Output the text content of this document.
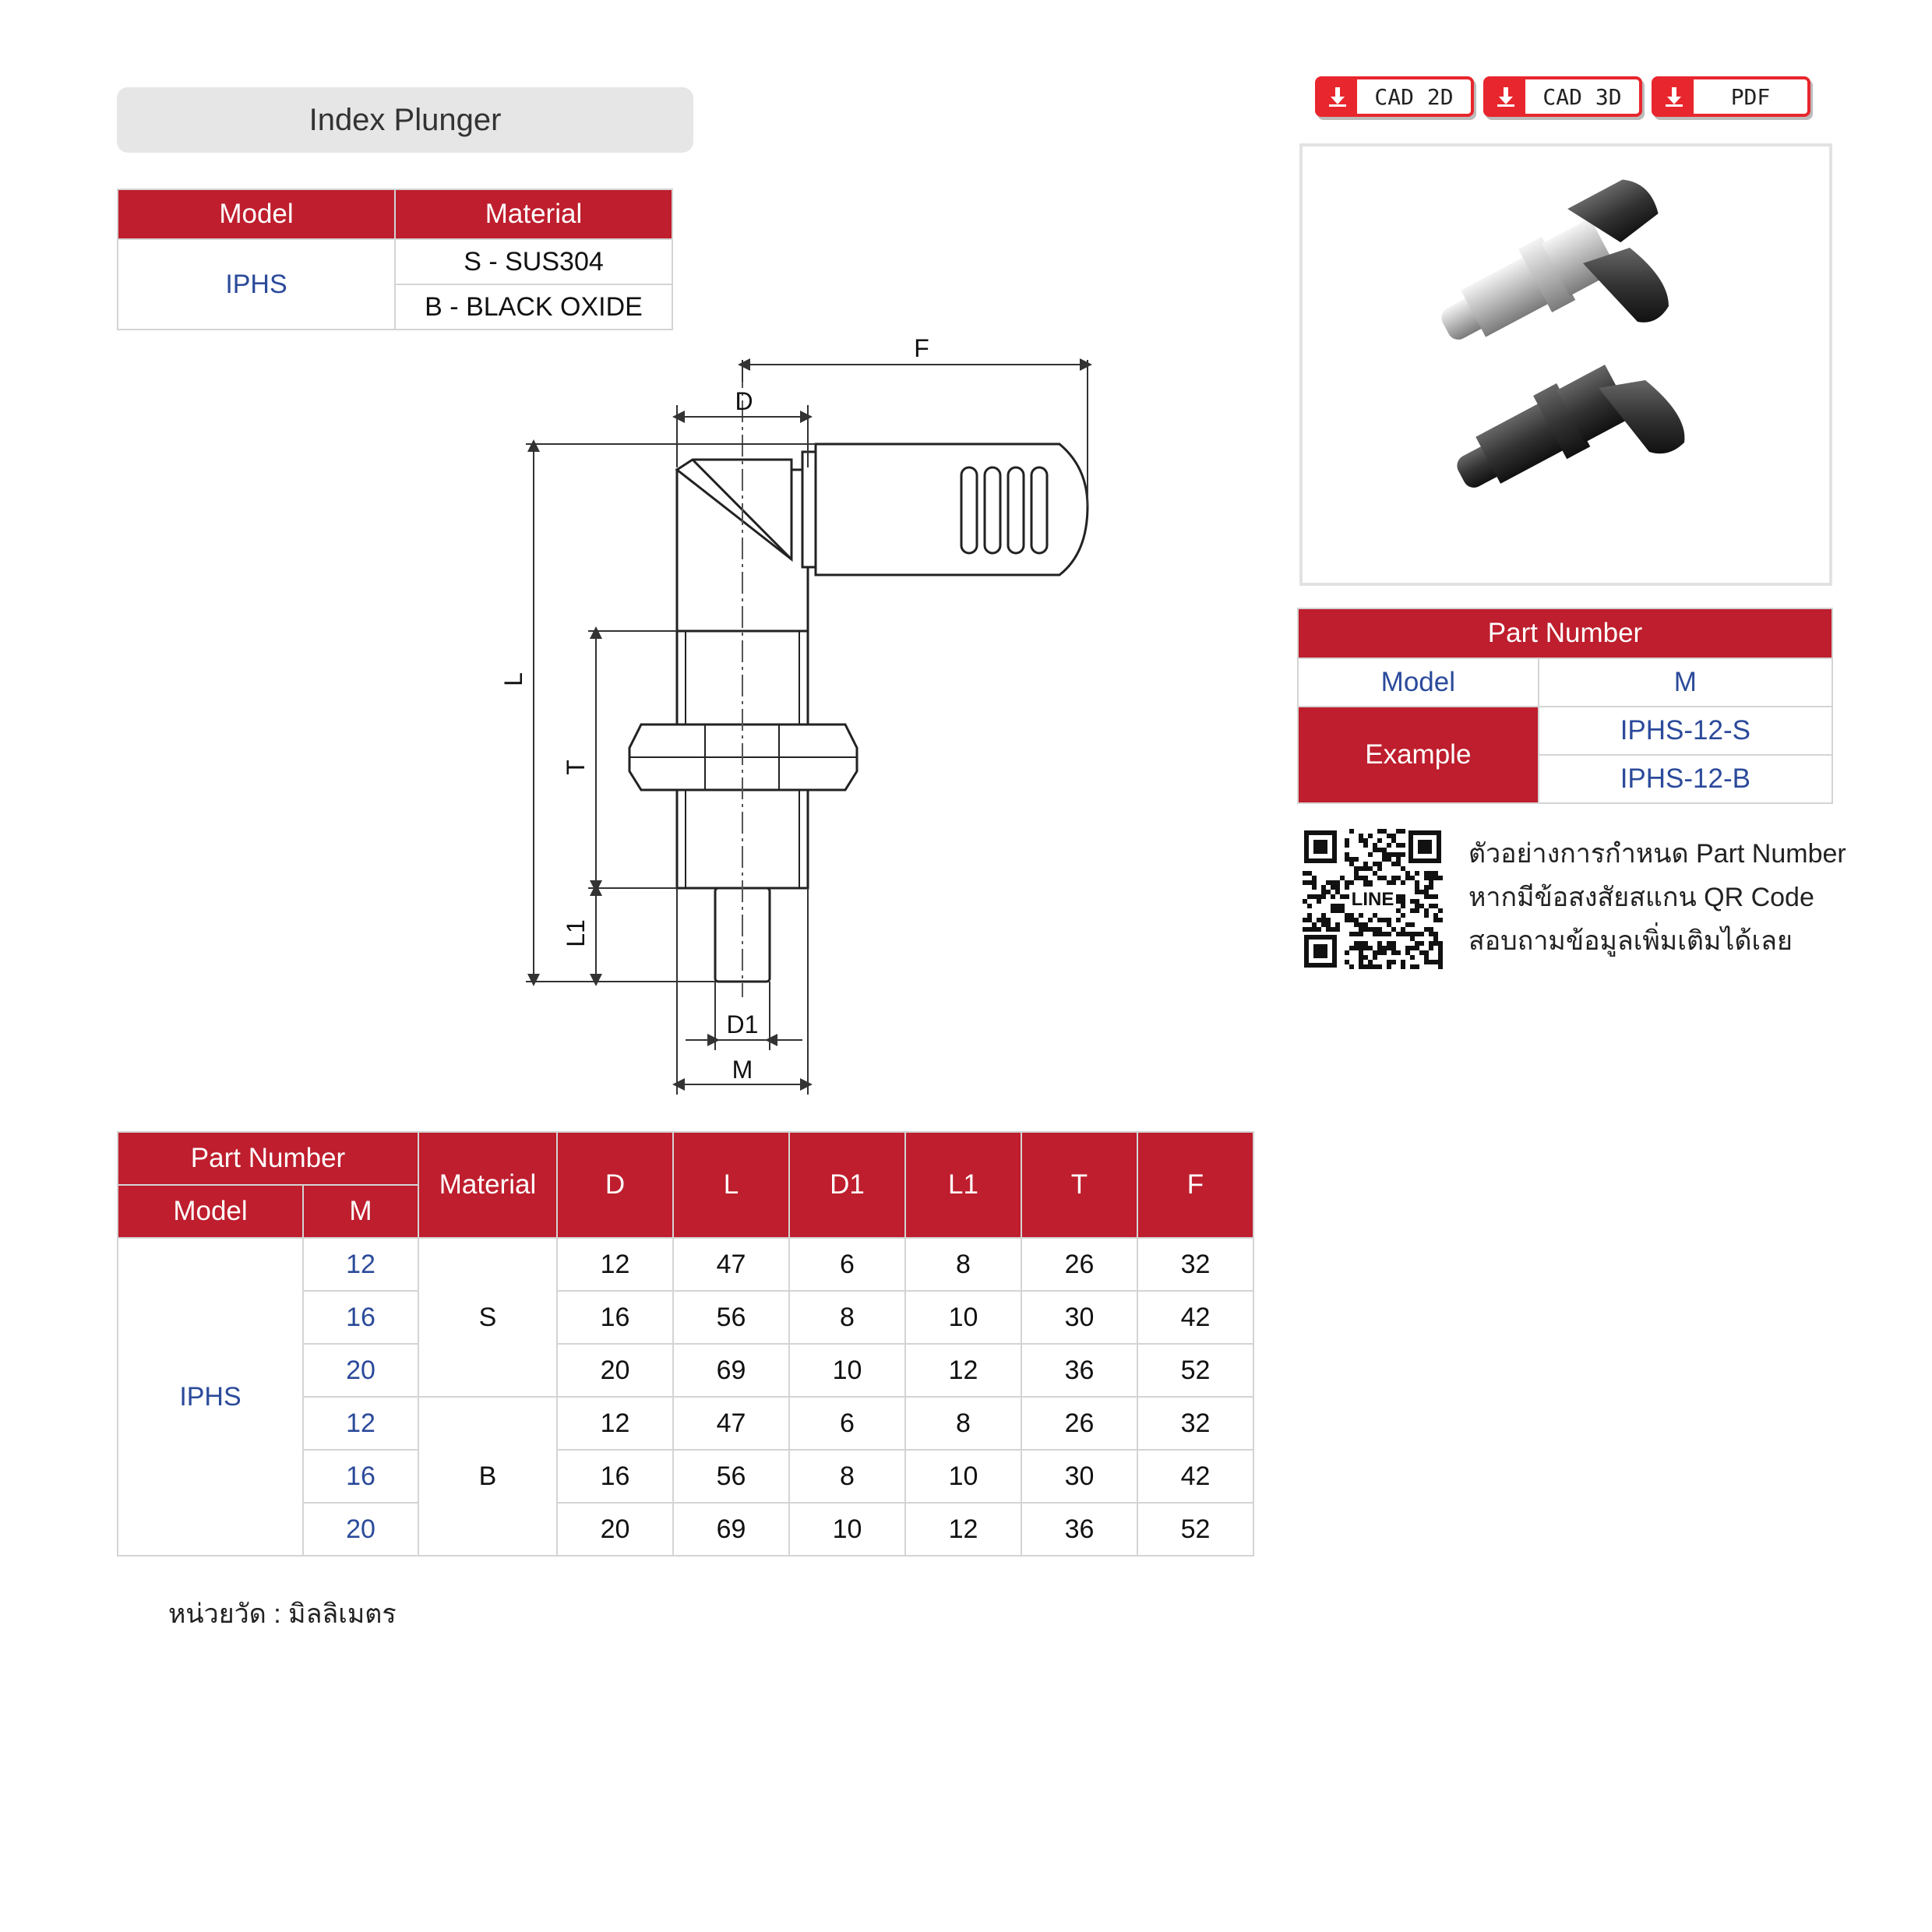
Index Plunger
Model	Material
IPHS	S - SUS304
	B - BLACK OXIDE
F
D
L
T
L1
D1
M
CAD 2D	CAD 3D	PDF
Part Number	
Model	M
Example	IPHS-12-S
	IPHS-12-B
LINE
ตัวอย่างการกำหนด Part Number
หากมีข้อสงสัยสแกน QR Code
สอบถามข้อมูลเพิ่มเติมได้เลย
Part Number		Material	D	L	D1	L1	T	F
Model	M							
IPHS	12	S	12	47	6	8	26	32
	16		16	56	8	10	30	42
	20		20	69	10	12	36	52
	12	B	12	47	6	8	26	32
	16		16	56	8	10	30	42
	20		20	69	10	12	36	52
หน่วยวัด : มิลลิเมตร
